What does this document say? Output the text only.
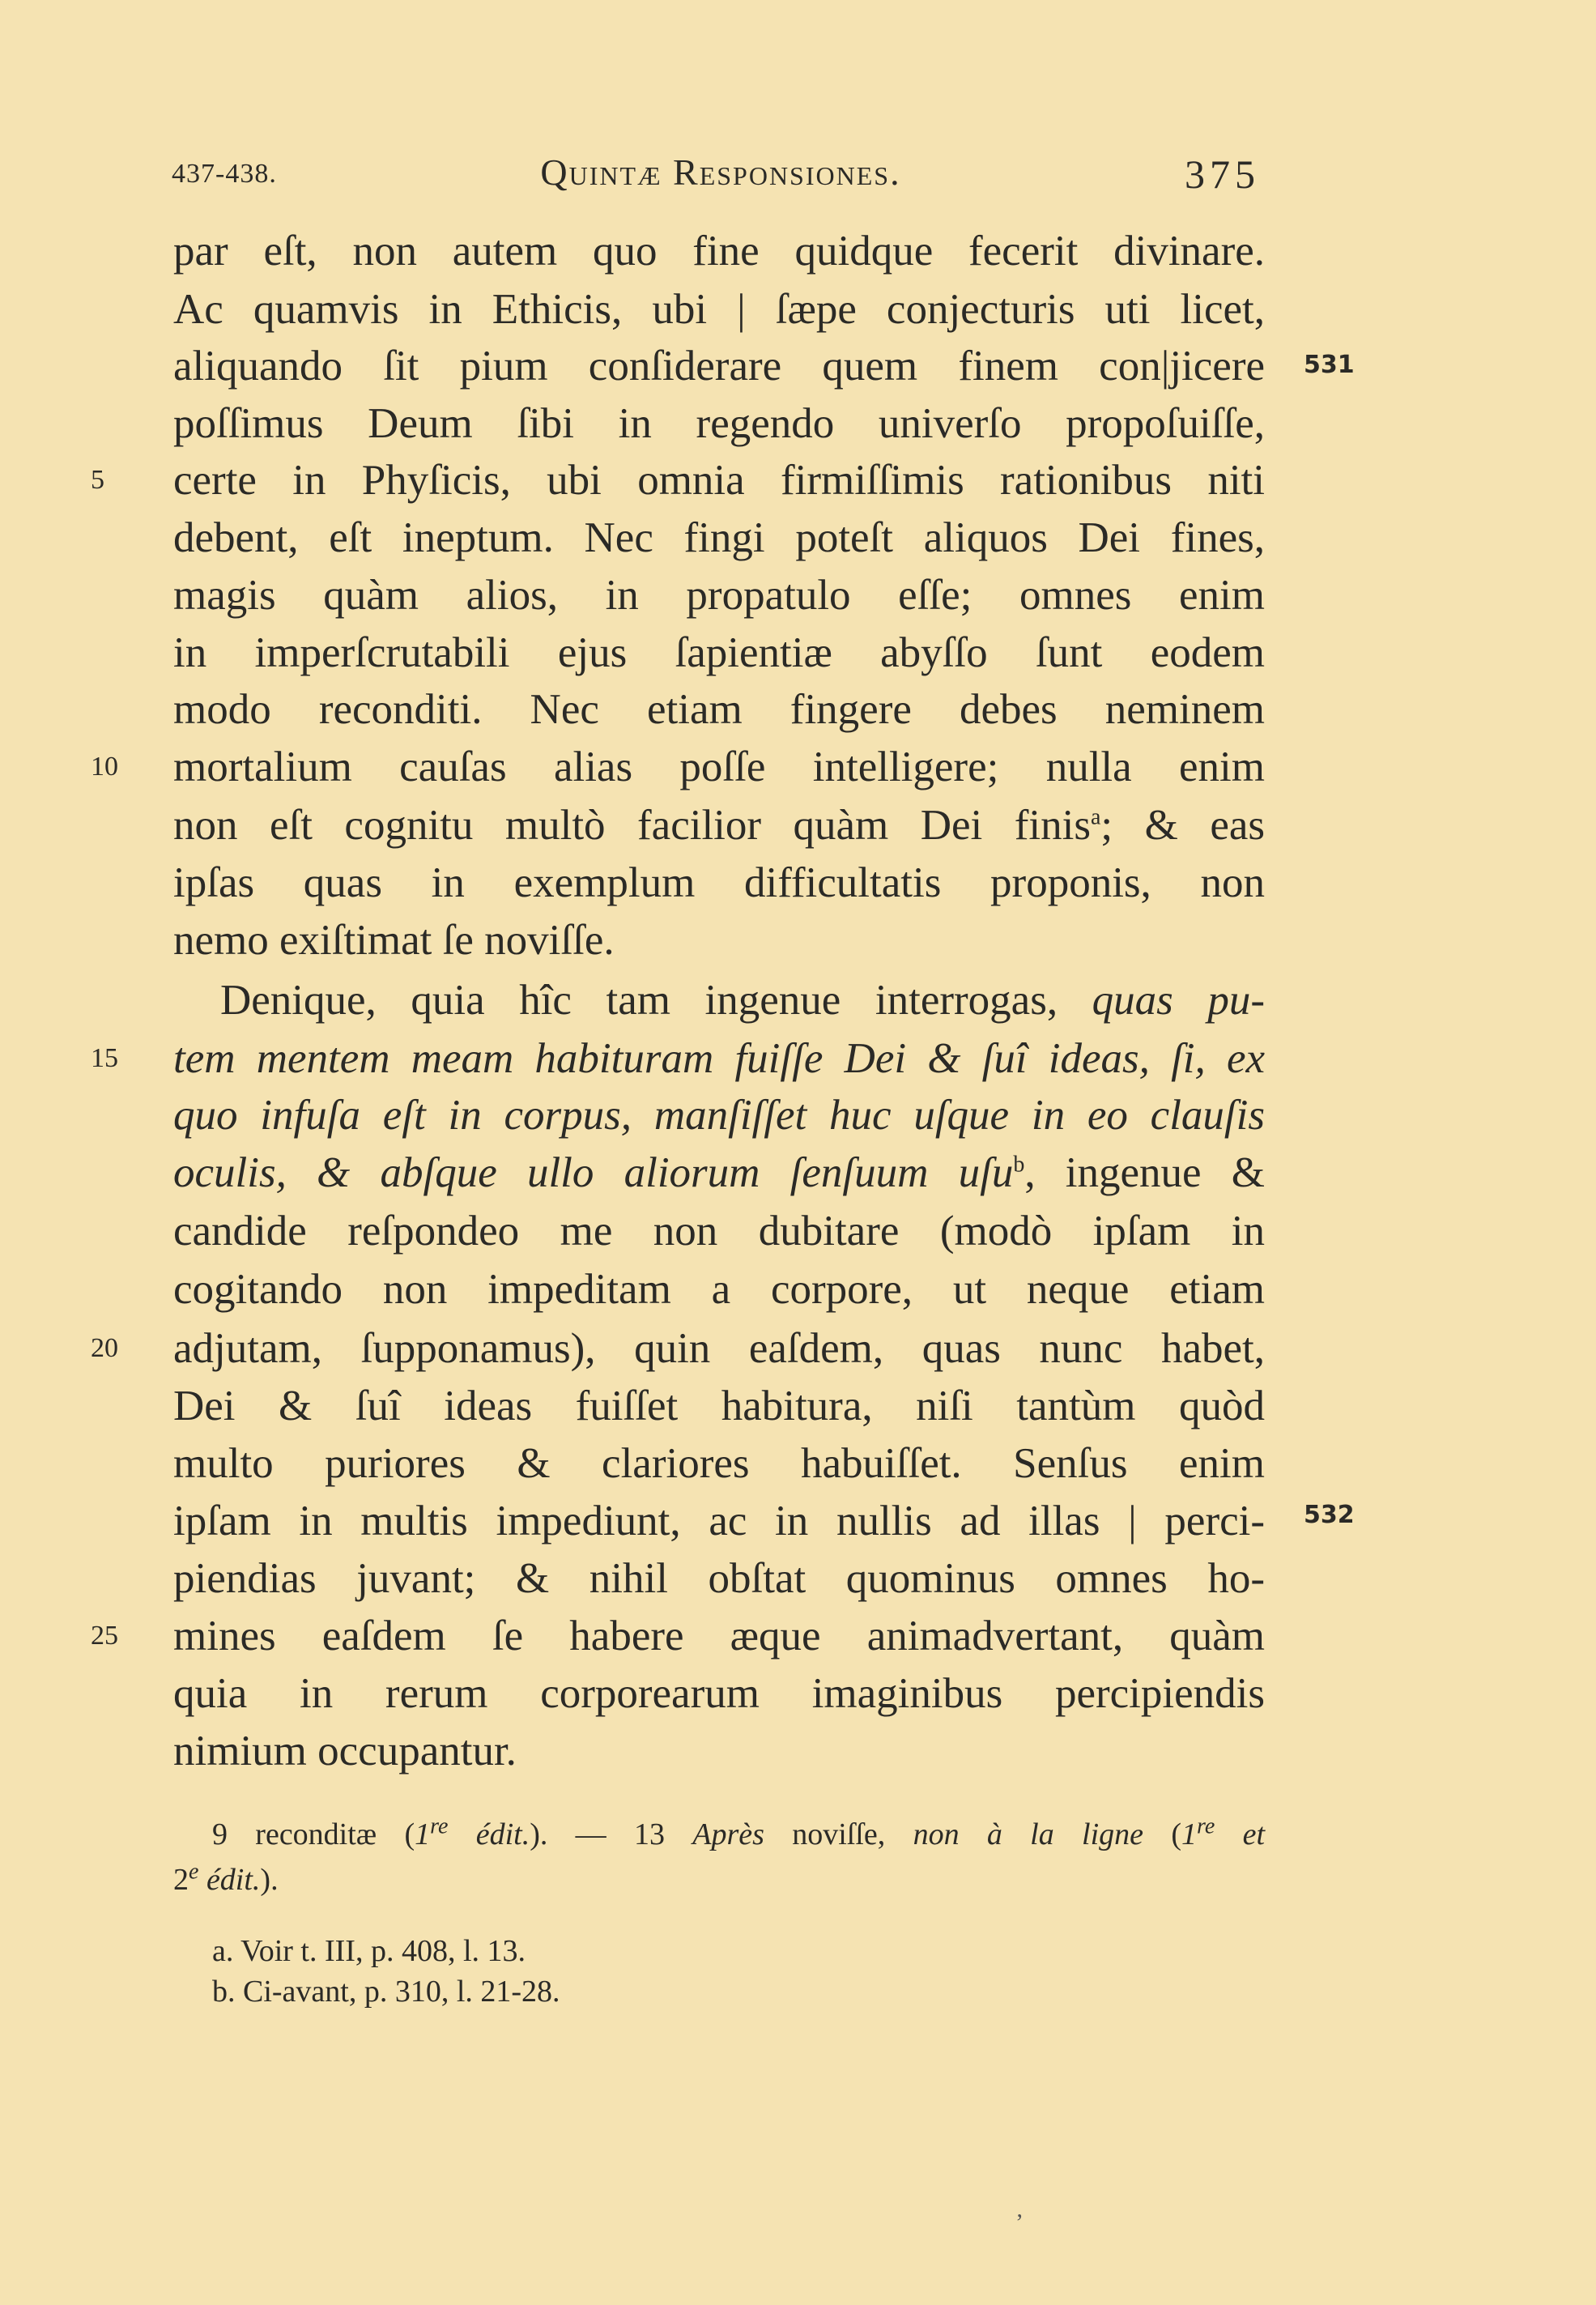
437-438.	Quintæ Responsiones.	375
5
10
15
20
25
531
532
par eſt, non autem quo fine quidque fecerit divinare.
Ac quamvis in Ethicis, ubi | ſæpe conjecturis uti licet,
aliquando ſit pium conſiderare quem finem con|jicere
poſſimus Deum ſibi in regendo univerſo propoſuiſſe,
certe in Phyſicis, ubi omnia firmiſſimis rationibus niti
debent, eſt ineptum. Nec fingi poteſt aliquos Dei fines,
magis quàm alios, in propatulo eſſe; omnes enim
in imperſcrutabili ejus ſapientiæ abyſſo ſunt eodem
modo reconditi. Nec etiam fingere debes neminem
mortalium cauſas alias poſſe intelligere; nulla enim
non eſt cognitu multò facilior quàm Dei finis$^a$; & eas
ipſas quas in exemplum difficultatis proponis, non
nemo exiſtimat ſe noviſſe.
Denique, quia hîc tam ingenue interrogas, quas pu-
tem mentem meam habituram fuiſſe Dei & ſuî ideas, ſi, ex
quo infuſa eſt in corpus, manſiſſet huc uſque in eo clauſis
oculis, & abſque ullo aliorum ſenſuum uſu$^b$, ingenue &
candide reſpondeo me non dubitare (modò ipſam in
cogitando non impeditam a corpore, ut neque etiam
adjutam, ſupponamus), quin eaſdem, quas nunc habet,
Dei & ſuî ideas fuiſſet habitura, niſi tantùm quòd
multo puriores & clariores habuiſſet. Senſus enim
ipſam in multis impediunt, ac in nullis ad illas | perci-
piendias juvant; & nihil obſtat quominus omnes ho-
mines eaſdem ſe habere æque animadvertant, quàm
quia in rerum corporearum imaginibus percipiendis
nimium occupantur.
9 reconditæ (1re édit.). — 13 Après noviſſe, non à la ligne (1re et
2e édit.).
a. Voir t. III, p. 408, l. 13.
b. Ci-avant, p. 310, l. 21-28.
ʼ
